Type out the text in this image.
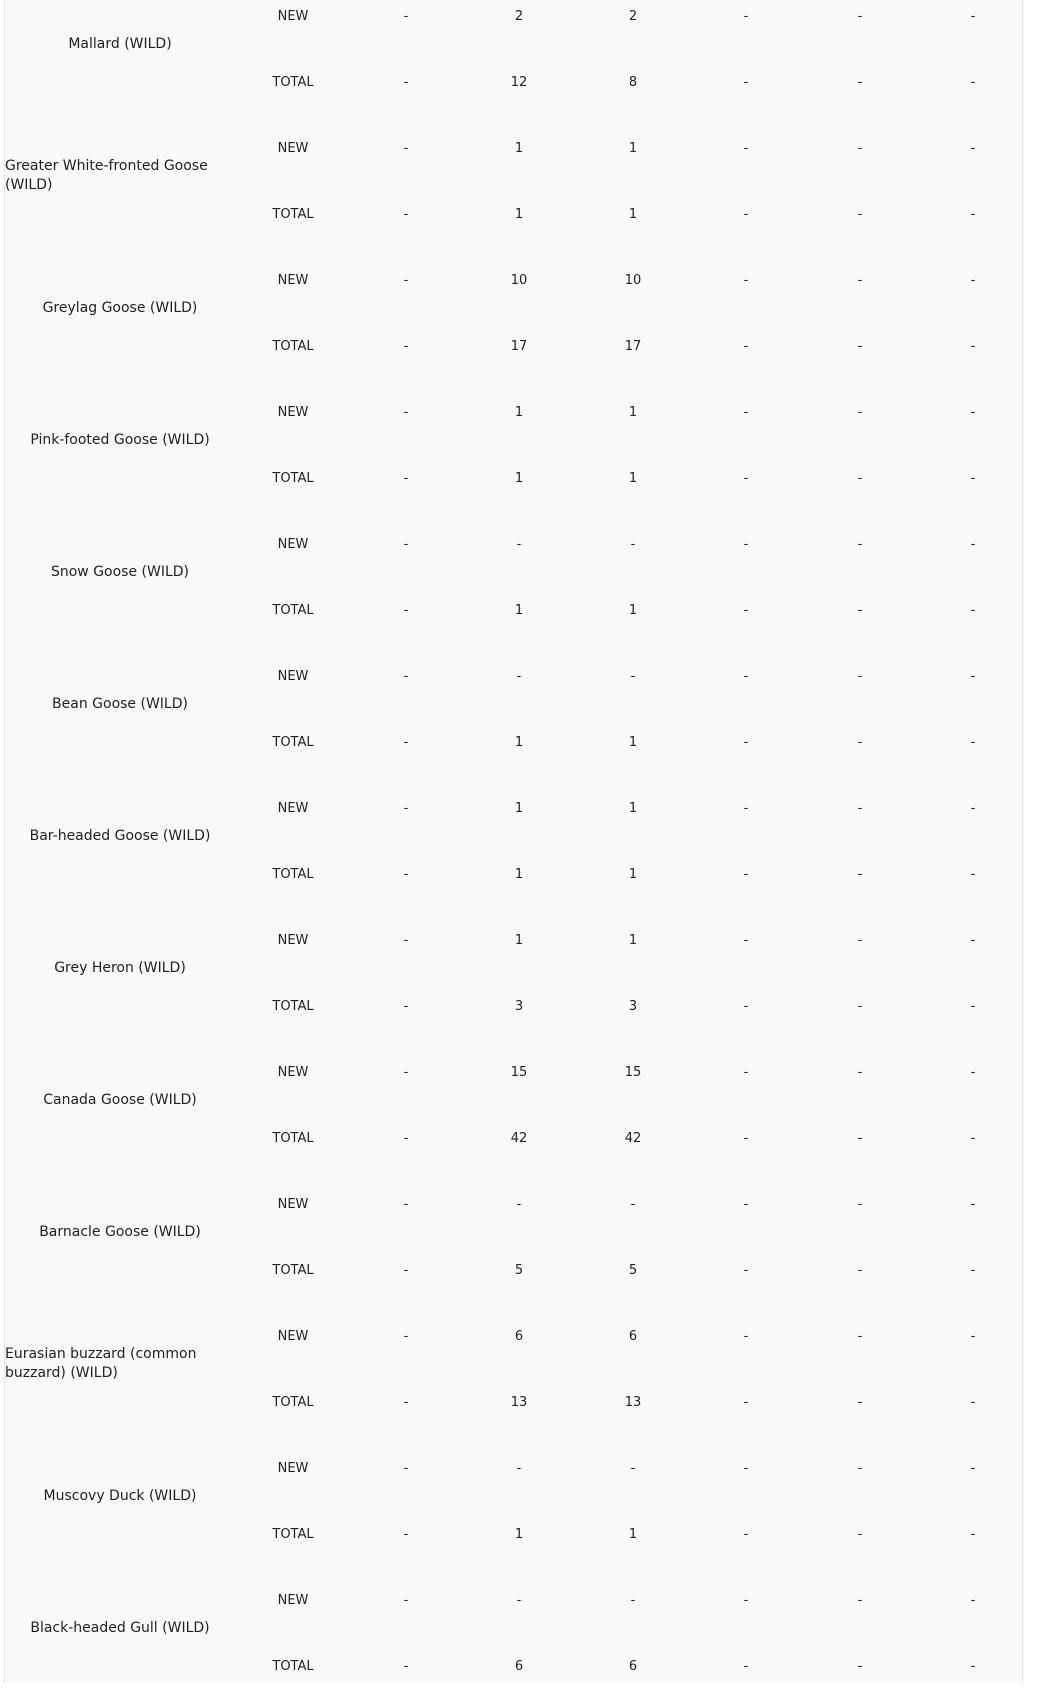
Mallard (WILD)
NEW	-	2	2	-	-	-
TOTAL	-	12	8	-	-	-
Greater White-fronted Goose (WILD)
NEW	-	1	1	-	-	-
TOTAL	-	1	1	-	-	-
Greylag Goose (WILD)
NEW	-	10	10	-	-	-
TOTAL	-	17	17	-	-	-
Pink-footed Goose (WILD)
NEW	-	1	1	-	-	-
TOTAL	-	1	1	-	-	-
Snow Goose (WILD)
NEW	-	-	-	-	-	-
TOTAL	-	1	1	-	-	-
Bean Goose (WILD)
NEW	-	-	-	-	-	-
TOTAL	-	1	1	-	-	-
Bar-headed Goose (WILD)
NEW	-	1	1	-	-	-
TOTAL	-	1	1	-	-	-
Grey Heron (WILD)
NEW	-	1	1	-	-	-
TOTAL	-	3	3	-	-	-
Canada Goose (WILD)
NEW	-	15	15	-	-	-
TOTAL	-	42	42	-	-	-
Barnacle Goose (WILD)
NEW	-	-	-	-	-	-
TOTAL	-	5	5	-	-	-
Eurasian buzzard (common buzzard) (WILD)
NEW	-	6	6	-	-	-
TOTAL	-	13	13	-	-	-
Muscovy Duck (WILD)
NEW	-	-	-	-	-	-
TOTAL	-	1	1	-	-	-
Black-headed Gull (WILD)
NEW	-	-	-	-	-	-
TOTAL	-	6	6	-	-	-
